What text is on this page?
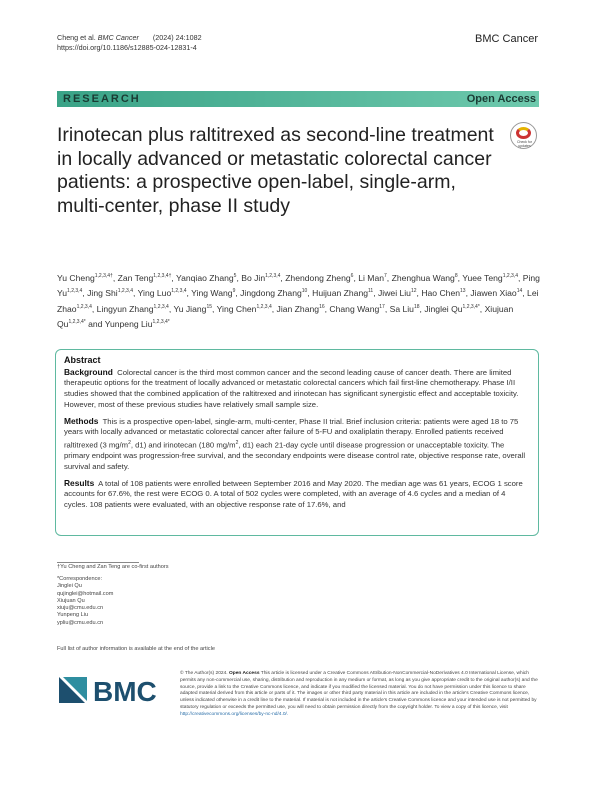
Cheng et al. BMC Cancer (2024) 24:1082
https://doi.org/10.1186/s12885-024-12831-4
BMC Cancer
RESEARCH	Open Access
Irinotecan plus raltitrexed as second-line treatment in locally advanced or metastatic colorectal cancer patients: a prospective open-label, single-arm, multi-center, phase II study
Check for
updates
Yu Cheng$^{1,2,3,4\dagger}$, Zan Teng$^{1,2,3,4\dagger}$, Yanqiao Zhang$^5$, Bo Jin$^{1,2,3,4}$, Zhendong Zheng$^6$, Li Man$^7$, Zhenghua Wang$^8$, Yuee Teng$^{1,2,3,4}$, Ping Yu$^{1,2,3,4}$, Jing Shi$^{1,2,3,4}$, Ying Luo$^{1,2,3,4}$, Ying Wang$^9$, Jingdong Zhang$^{10}$, Huijuan Zhang$^{11}$, Jiwei Liu$^{12}$, Hao Chen$^{13}$, Jiawen Xiao$^{14}$, Lei Zhao$^{1,2,3,4}$, Lingyun Zhang$^{1,2,3,4}$, Yu Jiang$^{15}$, Ying Chen$^{1,2,3,4}$, Jian Zhang$^{16}$, Chang Wang$^{17}$, Sa Liu$^{18}$, Jinglei $Qu^{1,2,3,4*}$, Xiujuan $Qu^{1,2,3,4*}$ and Yunpeng Liu$^{1,2,3,4*}$
Abstract

Background Colorectal cancer is the third most common cancer and the second leading cause of cancer death. There are limited therapeutic options for the treatment of locally advanced or metastatic colorectal cancers which fail first-line chemotherapy. Phase I/II studies showed that the combined application of the raltitrexed and irinotecan has significant synergistic effect and acceptable toxicity. However, most of these previous studies have relatively small sample size.

Methods This is a prospective open-label, single-arm, multi-center, Phase II trial. Brief inclusion criteria: patients were aged 18 to 75 years with locally advanced or metastatic colorectal cancer after failure of 5-FU and oxaliplatin therapy. Enrolled patients received raltitrexed (3 $mg/m^2$, d1) and irinotecan (180 $mg/m^2$, d1) each 21-day cycle until disease progression or unacceptable toxicity. The primary endpoint was progression-free survival, and the secondary endpoints were disease control rate, objective response rate, overall survival and safety.

Results A total of 108 patients were enrolled between September 2016 and May 2020. The median age was 61 years, ECOG 1 score accounts for 67.6%, the rest were ECOG 0. A total of 502 cycles were completed, with an average of 4.6 cycles and a median of 4 cycles. 108 patients were evaluated, with an objective response rate of 17.6%, and

†Yu Cheng and Zan Teng are co-first authors
*Correspondence:
Jinglei Qu
qujinglei@hotmail.com
Xiujuan Qu
xiuju@cmu.edu.cn
Yunpeng Liu
ypliu@cmu.edu.cn
Full list of author information is available at the end of the article
BMC
© The Author(s) 2024. Open Access This article is licensed under a Creative Commons Attribution-NonCommercial-NoDerivatives 4.0 International License, which permits any non-commercial use, sharing, distribution and reproduction in any medium or format, as long as you give appropriate credit to the original author(s) and the source, provide a link to the Creative Commons licence, and indicate if you modified the licensed material. You do not have permission under this licence to share adapted material derived from this article or parts of it. The images or other third party material in this article are included in the article's Creative Commons licence, unless indicated otherwise in a credit line to the material. If material is not included in the article's Creative Commons licence and your intended use is not permitted by statutory regulation or exceeds the permitted use, you will need to obtain permission directly from the copyright holder. To view a copy of this licence, visit http://creativecommons.org/licenses/by-nc-nd/4.0/.
